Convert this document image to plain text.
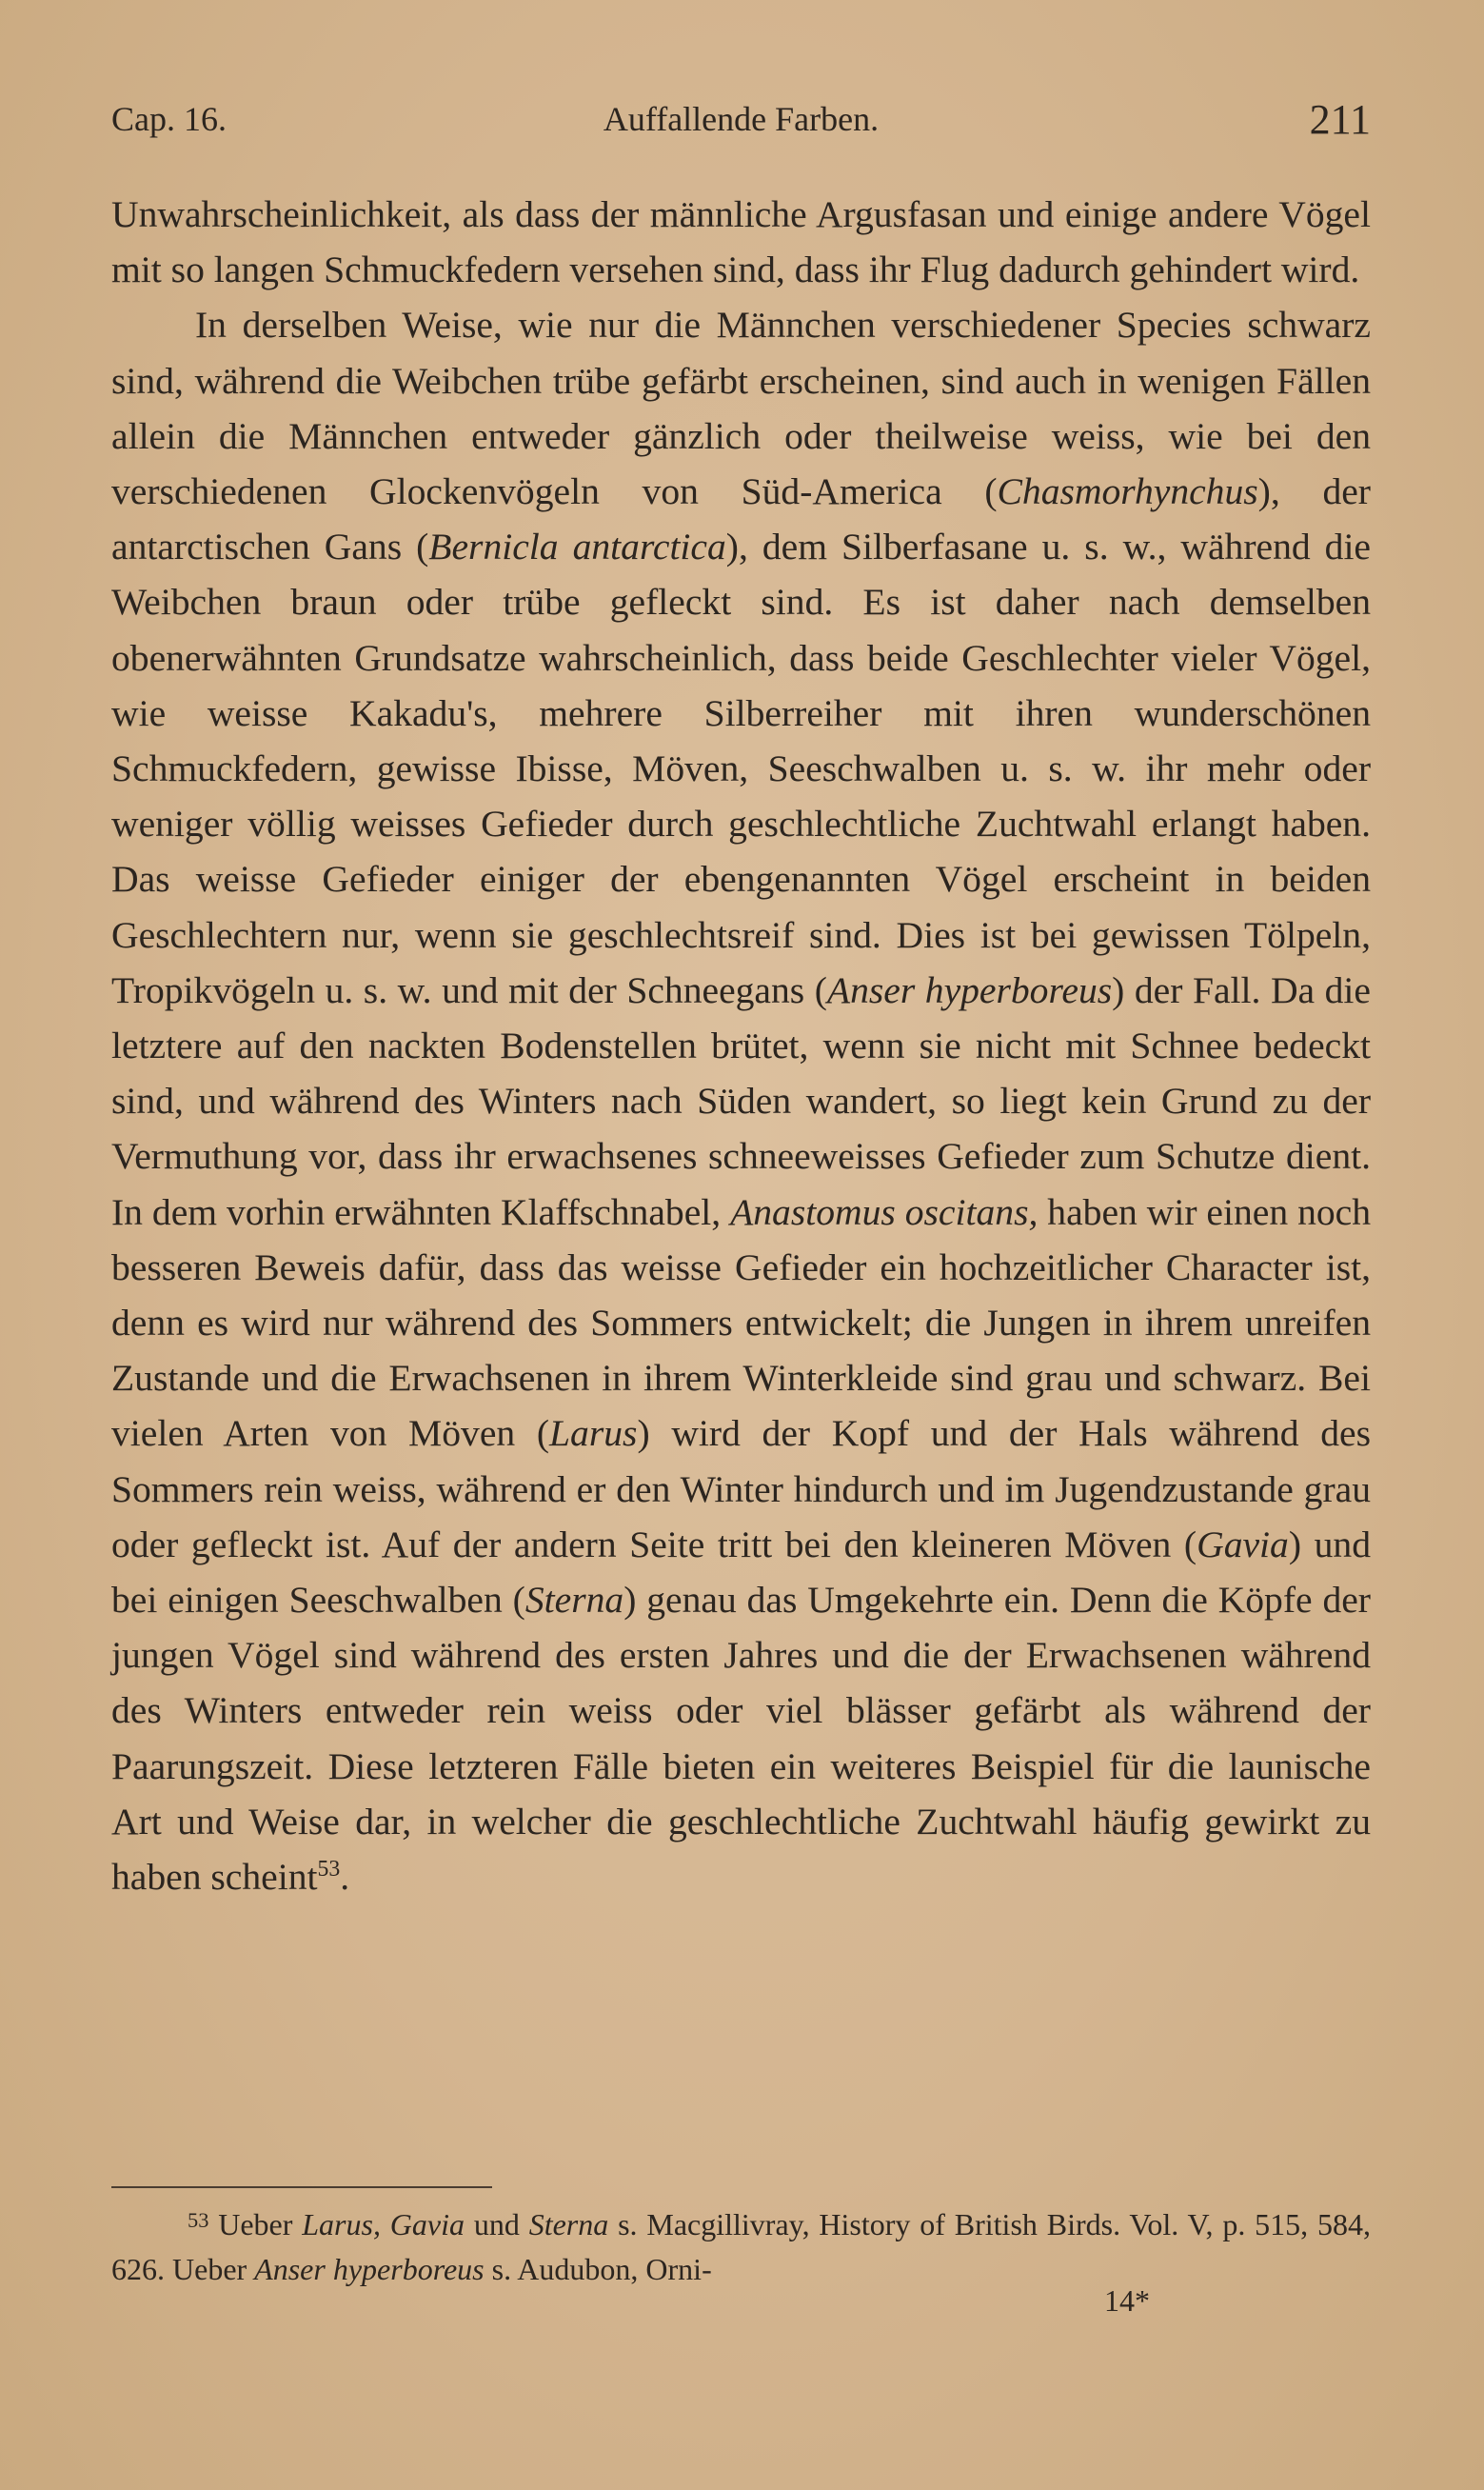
Cap. 16.	Auffallende Farben.	211

Unwahrscheinlichkeit, als dass der männliche Argusfasan und einige andere Vögel mit so langen Schmuckfedern versehen sind, dass ihr Flug dadurch gehindert wird.

In derselben Weise, wie nur die Männchen verschiedener Species schwarz sind, während die Weibchen trübe gefärbt erscheinen, sind auch in wenigen Fällen allein die Männchen entweder gänzlich oder theilweise weiss, wie bei den verschiedenen Glockenvögeln von Süd-America (Chasmorhynchus), der antarctischen Gans (Bernicla antarctica), dem Silberfasane u. s. w., während die Weibchen braun oder trübe gefleckt sind. Es ist daher nach demselben obenerwähnten Grundsatze wahrscheinlich, dass beide Geschlechter vieler Vögel, wie weisse Kakadu's, mehrere Silberreiher mit ihren wunderschönen Schmuckfedern, gewisse Ibisse, Möven, Seeschwalben u. s. w. ihr mehr oder weniger völlig weisses Gefieder durch geschlechtliche Zuchtwahl erlangt haben. Das weisse Gefieder einiger der ebengenannten Vögel erscheint in beiden Geschlechtern nur, wenn sie geschlechtsreif sind. Dies ist bei gewissen Tölpeln, Tropikvögeln u. s. w. und mit der Schneegans (Anser hyperboreus) der Fall. Da die letztere auf den nackten Bodenstellen brütet, wenn sie nicht mit Schnee bedeckt sind, und während des Winters nach Süden wandert, so liegt kein Grund zu der Vermuthung vor, dass ihr erwachsenes schneeweisses Gefieder zum Schutze dient. In dem vorhin erwähnten Klaffschnabel, Anastomus oscitans, haben wir einen noch besseren Beweis dafür, dass das weisse Gefieder ein hochzeitlicher Character ist, denn es wird nur während des Sommers entwickelt; die Jungen in ihrem unreifen Zustande und die Erwachsenen in ihrem Winterkleide sind grau und schwarz. Bei vielen Arten von Möven (Larus) wird der Kopf und der Hals während des Sommers rein weiss, während er den Winter hindurch und im Jugendzustande grau oder gefleckt ist. Auf der andern Seite tritt bei den kleineren Möven (Gavia) und bei einigen Seeschwalben (Sterna) genau das Umgekehrte ein. Denn die Köpfe der jungen Vögel sind während des ersten Jahres und die der Erwachsenen während des Winters entweder rein weiss oder viel blässer gefärbt als während der Paarungszeit. Diese letzteren Fälle bieten ein weiteres Beispiel für die launische Art und Weise dar, in welcher die geschlechtliche Zuchtwahl häufig gewirkt zu haben scheint$^{53}$.

$^{53}$ Ueber Larus, Gavia und Sterna s. Macgillivray, History of British Birds. Vol. V, p. 515, 584, 626. Ueber Anser hyperboreus s. Audubon, Orni-

14*
